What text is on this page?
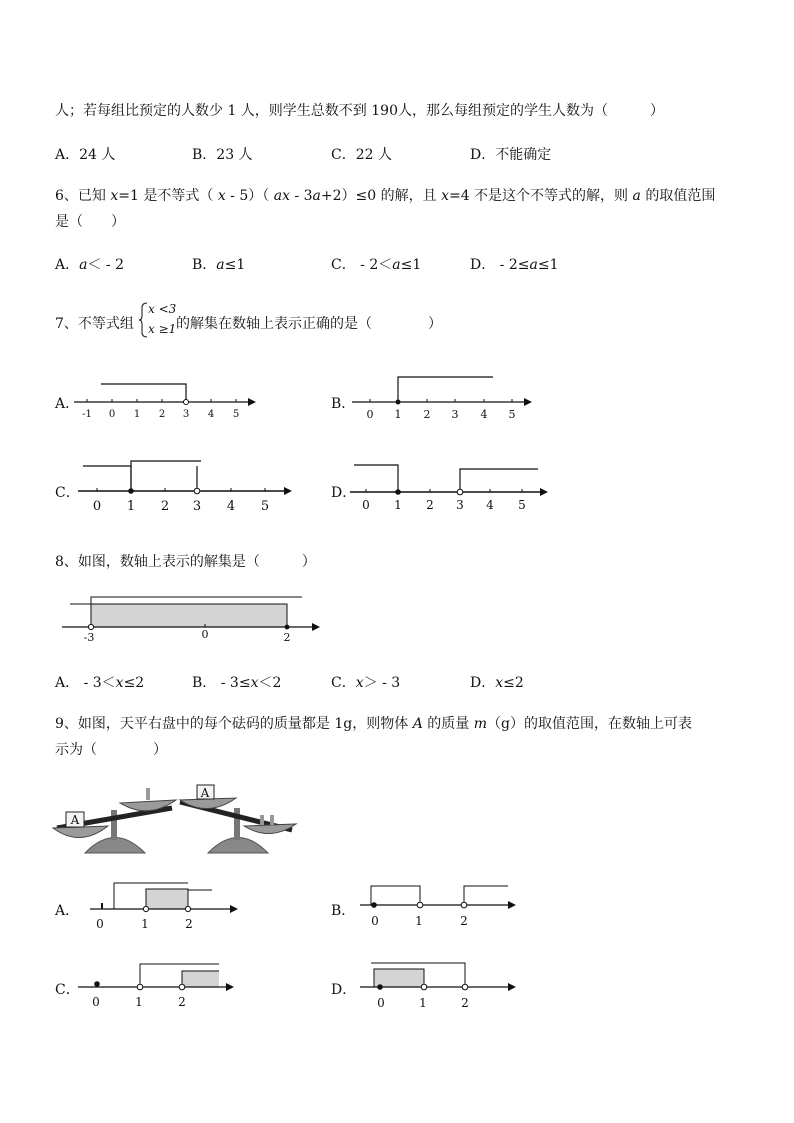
人；若每组比预定的人数少 1 人，则学生总数不到 190人，那么每组预定的学生人数为（　　　）
A．24 人	B．23 人	C．22 人	D．不能确定
6、已知 x=1 是不等式（ x - 5）（ ax - 3a+2）≤0 的解，且 x=4 不是这个不等式的解，则 a 的取值范围
是（　　）
A．a＜ - 2	B．a≤1	C． - 2＜a≤1	D． - 2≤a≤1
7、不等式组
x <3
x ≥1 的解集在数轴上表示正确的是（　　　　）
A．	B．
C．	D．
-1 0 1 2 3 4 5	0 1 2 3 4 5
0 1 2 3 4 5	0 1 2 3 4 5
8、如图，数轴上表示的解集是（　　　）
-3	0	2
A． - 3＜x≤2	B． - 3≤x＜2	C．x＞ - 3	D．x≤2
9、如图，天平右盘中的每个砝码的质量都是 1g，则物体 A 的质量 m（g）的取值范围，在数轴上可表
示为（　　　　）
A
A
A．	B．
C．	D．
0	1	2	0	1	2
0	1	2	0	1	2
